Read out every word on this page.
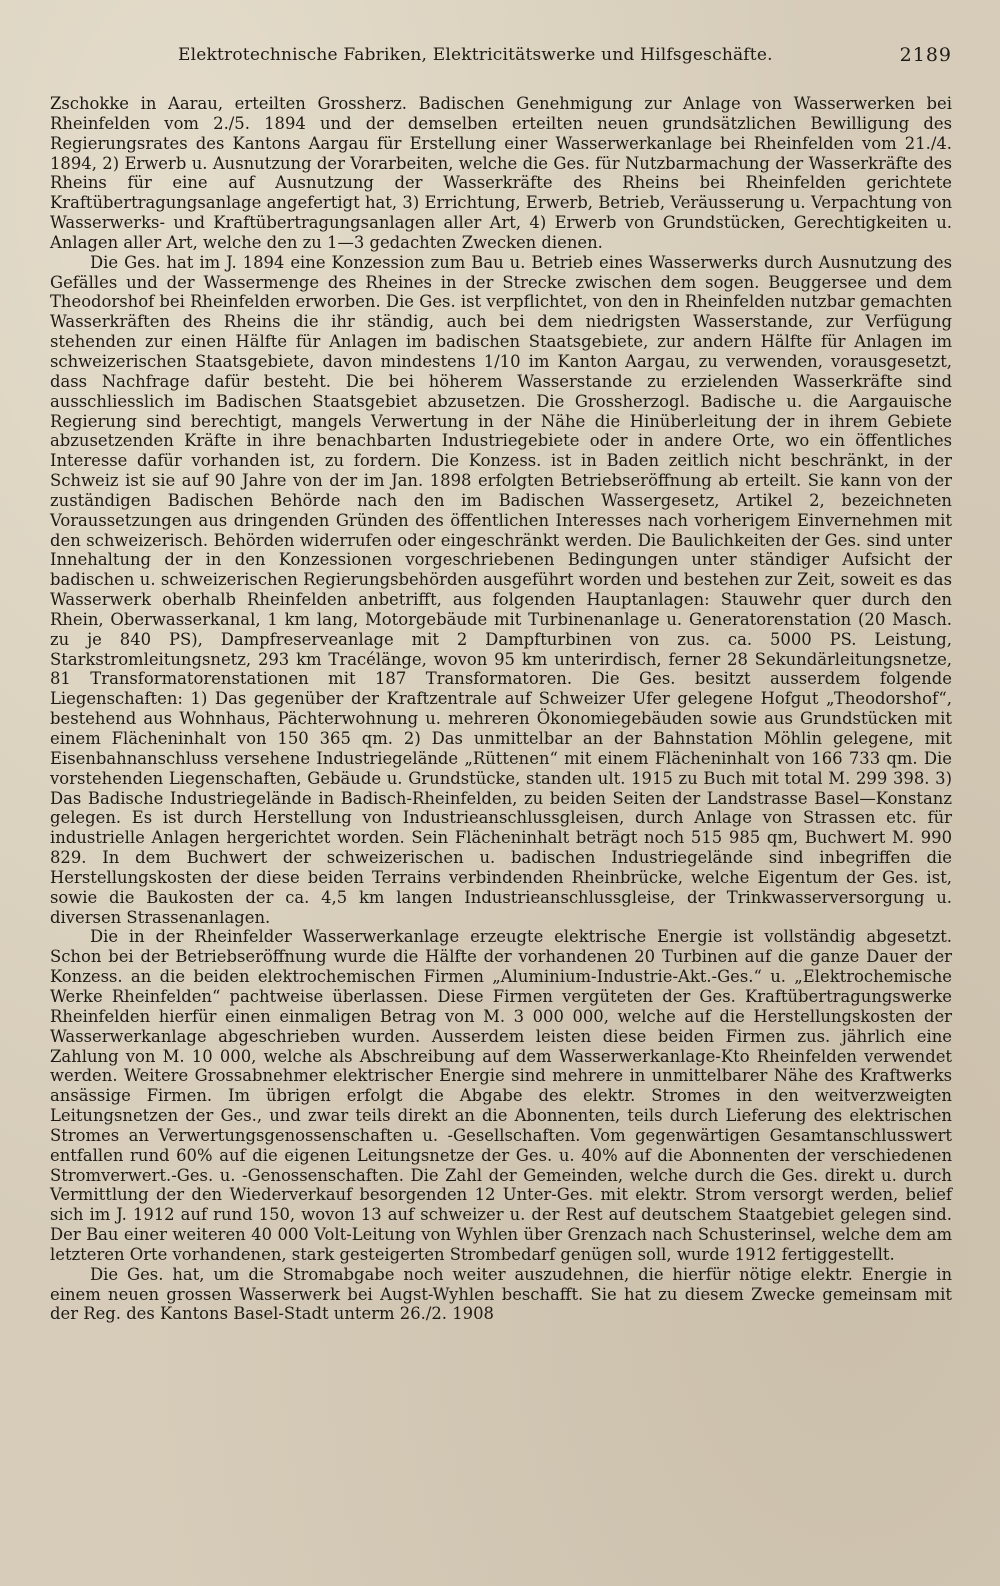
Elektrotechnische Fabriken, Elektricitätswerke und Hilfsgeschäfte.	2189

Zschokke in Aarau, erteilten Grossherz. Badischen Genehmigung zur Anlage von Wasserwerken bei Rheinfelden vom 2./5. 1894 und der demselben erteilten neuen grundsätzlichen Bewilligung des Regierungsrates des Kantons Aargau für Erstellung einer Wasserwerkanlage bei Rheinfelden vom 21./4. 1894, 2) Erwerb u. Ausnutzung der Vorarbeiten, welche die Ges. für Nutzbarmachung der Wasserkräfte des Rheins für eine auf Ausnutzung der Wasserkräfte des Rheins bei Rheinfelden gerichtete Kraftübertragungsanlage angefertigt hat, 3) Errichtung, Erwerb, Betrieb, Veräusserung u. Verpachtung von Wasserwerks- und Kraftübertragungsanlagen aller Art, 4) Erwerb von Grundstücken, Gerechtigkeiten u. Anlagen aller Art, welche den zu 1—3 gedachten Zwecken dienen.

Die Ges. hat im J. 1894 eine Konzession zum Bau u. Betrieb eines Wasserwerks durch Ausnutzung des Gefälles und der Wassermenge des Rheines in der Strecke zwischen dem sogen. Beuggersee und dem Theodorshof bei Rheinfelden erworben. Die Ges. ist verpflichtet, von den in Rheinfelden nutzbar gemachten Wasserkräften des Rheins die ihr ständig, auch bei dem niedrigsten Wasserstande, zur Verfügung stehenden zur einen Hälfte für Anlagen im badischen Staatsgebiete, zur andern Hälfte für Anlagen im schweizerischen Staatsgebiete, davon mindestens 1/10 im Kanton Aargau, zu verwenden, vorausgesetzt, dass Nachfrage dafür besteht. Die bei höherem Wasserstande zu erzielenden Wasserkräfte sind ausschliesslich im Badischen Staatsgebiet abzusetzen. Die Grossherzogl. Badische u. die Aargauische Regierung sind berechtigt, mangels Verwertung in der Nähe die Hinüberleitung der in ihrem Gebiete abzusetzenden Kräfte in ihre benachbarten Industriegebiete oder in andere Orte, wo ein öffentliches Interesse dafür vorhanden ist, zu fordern. Die Konzess. ist in Baden zeitlich nicht beschränkt, in der Schweiz ist sie auf 90 Jahre von der im Jan. 1898 erfolgten Betriebseröffnung ab erteilt. Sie kann von der zuständigen Badischen Behörde nach den im Badischen Wassergesetz, Artikel 2, bezeichneten Voraussetzungen aus dringenden Gründen des öffentlichen Interesses nach vorherigem Einvernehmen mit den schweizerisch. Behörden widerrufen oder eingeschränkt werden. Die Baulichkeiten der Ges. sind unter Innehaltung der in den Konzessionen vorgeschriebenen Bedingungen unter ständiger Aufsicht der badischen u. schweizerischen Regierungsbehörden ausgeführt worden und bestehen zur Zeit, soweit es das Wasserwerk oberhalb Rheinfelden anbetrifft, aus folgenden Hauptanlagen: Stauwehr quer durch den Rhein, Oberwasserkanal, 1 km lang, Motorgebäude mit Turbinenanlage u. Generatorenstation (20 Masch. zu je 840 PS), Dampfreserveanlage mit 2 Dampfturbinen von zus. ca. 5000 PS. Leistung, Starkstromleitungsnetz, 293 km Tracélänge, wovon 95 km unterirdisch, ferner 28 Sekundärleitungsnetze, 81 Transformatorenstationen mit 187 Transformatoren. Die Ges. besitzt ausserdem folgende Liegenschaften: 1) Das gegenüber der Kraftzentrale auf Schweizer Ufer gelegene Hofgut „Theodorshof“, bestehend aus Wohnhaus, Pächterwohnung u. mehreren Ökonomiegebäuden sowie aus Grundstücken mit einem Flächeninhalt von 150 365 qm. 2) Das unmittelbar an der Bahnstation Möhlin gelegene, mit Eisenbahnanschluss versehene Industriegelände „Rüttenen“ mit einem Flächeninhalt von 166 733 qm. Die vorstehenden Liegenschaften, Gebäude u. Grundstücke, standen ult. 1915 zu Buch mit total M. 299 398. 3) Das Badische Industriegelände in Badisch-Rheinfelden, zu beiden Seiten der Landstrasse Basel—Konstanz gelegen. Es ist durch Herstellung von Industrieanschlussgleisen, durch Anlage von Strassen etc. für industrielle Anlagen hergerichtet worden. Sein Flächeninhalt beträgt noch 515 985 qm, Buchwert M. 990 829. In dem Buchwert der schweizerischen u. badischen Industriegelände sind inbegriffen die Herstellungskosten der diese beiden Terrains verbindenden Rheinbrücke, welche Eigentum der Ges. ist, sowie die Baukosten der ca. 4,5 km langen Industrieanschlussgleise, der Trinkwasserversorgung u. diversen Strassenanlagen.

Die in der Rheinfelder Wasserwerkanlage erzeugte elektrische Energie ist vollständig abgesetzt. Schon bei der Betriebseröffnung wurde die Hälfte der vorhandenen 20 Turbinen auf die ganze Dauer der Konzess. an die beiden elektrochemischen Firmen „Aluminium-Industrie-Akt.-Ges.“ u. „Elektrochemische Werke Rheinfelden“ pachtweise überlassen. Diese Firmen vergüteten der Ges. Kraftübertragungswerke Rheinfelden hierfür einen einmaligen Betrag von M. 3 000 000, welche auf die Herstellungskosten der Wasserwerkanlage abgeschrieben wurden. Ausserdem leisten diese beiden Firmen zus. jährlich eine Zahlung von M. 10 000, welche als Abschreibung auf dem Wasserwerkanlage-Kto Rheinfelden verwendet werden. Weitere Grossabnehmer elektrischer Energie sind mehrere in unmittelbarer Nähe des Kraftwerks ansässige Firmen. Im übrigen erfolgt die Abgabe des elektr. Stromes in den weitverzweigten Leitungsnetzen der Ges., und zwar teils direkt an die Abonnenten, teils durch Lieferung des elektrischen Stromes an Verwertungsgenossenschaften u. -Gesellschaften. Vom gegenwärtigen Gesamtanschlusswert entfallen rund 60% auf die eigenen Leitungsnetze der Ges. u. 40% auf die Abonnenten der verschiedenen Stromverwert.-Ges. u. -Genossenschaften. Die Zahl der Gemeinden, welche durch die Ges. direkt u. durch Vermittlung der den Wiederverkauf besorgenden 12 Unter-Ges. mit elektr. Strom versorgt werden, belief sich im J. 1912 auf rund 150, wovon 13 auf schweizer u. der Rest auf deutschem Staatgebiet gelegen sind. Der Bau einer weiteren 40 000 Volt-Leitung von Wyhlen über Grenzach nach Schusterinsel, welche dem am letzteren Orte vorhandenen, stark gesteigerten Strombedarf genügen soll, wurde 1912 fertiggestellt.

Die Ges. hat, um die Stromabgabe noch weiter auszudehnen, die hierfür nötige elektr. Energie in einem neuen grossen Wasserwerk bei Augst-Wyhlen beschafft. Sie hat zu diesem Zwecke gemeinsam mit der Reg. des Kantons Basel-Stadt unterm 26./2. 1908
